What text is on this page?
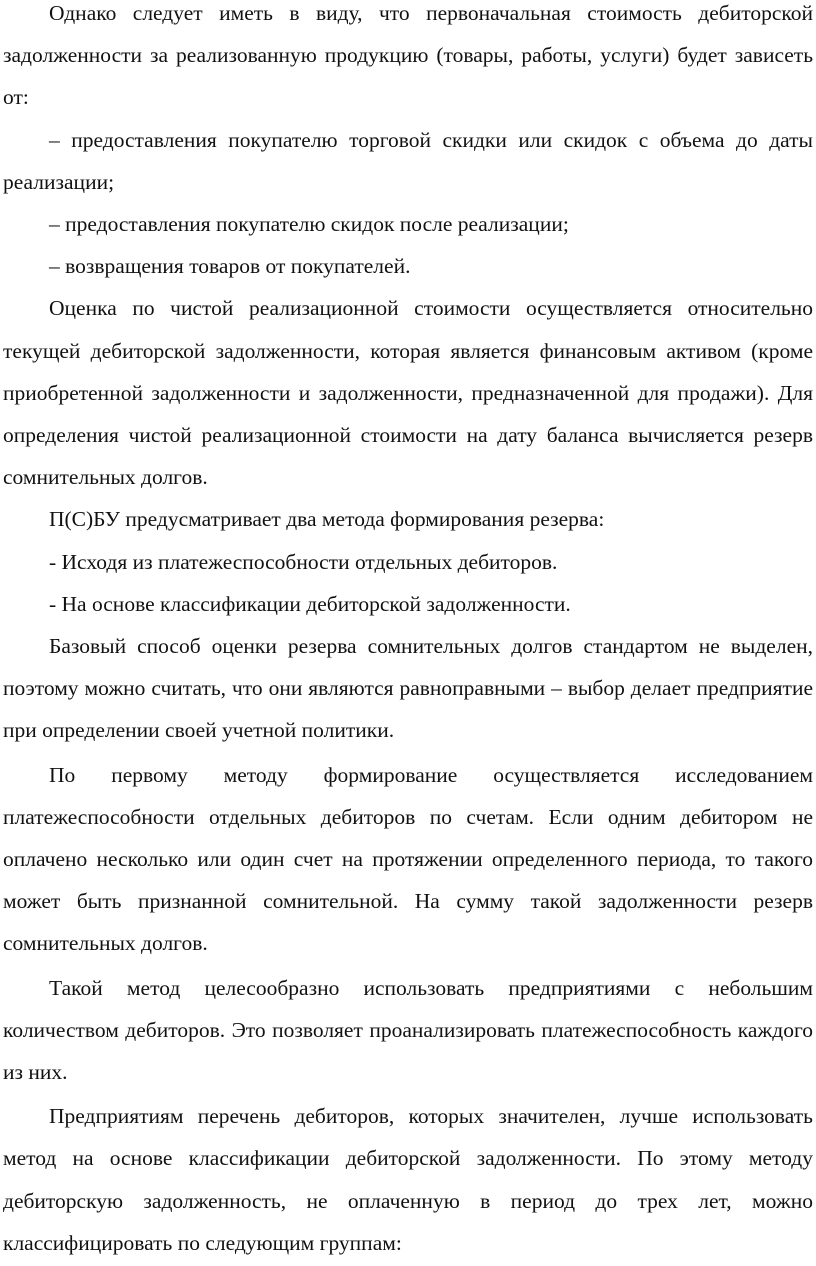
Однако следует иметь в виду, что первоначальная стоимость дебиторской задолженности за реализованную продукцию (товары, работы, услуги) будет зависеть от:

– предоставления покупателю торговой скидки или скидок с объема до даты реализации;

– предоставления покупателю скидок после реализации;

– возвращения товаров от покупателей.

Оценка по чистой реализационной стоимости осуществляется относительно текущей дебиторской задолженности, которая является финансовым активом (кроме приобретенной задолженности и задолженности, предназначенной для продажи). Для определения чистой реализационной стоимости на дату баланса вычисляется резерв сомнительных долгов.

П(С)БУ предусматривает два метода формирования резерва:

- Исходя из платежеспособности отдельных дебиторов.

- На основе классификации дебиторской задолженности.

Базовый способ оценки резерва сомнительных долгов стандартом не выделен, поэтому можно считать, что они являются равноправными – выбор делает предприятие при определении своей учетной политики.

По первому методу формирование осуществляется исследованием платежеспособности отдельных дебиторов по счетам. Если одним дебитором не оплачено несколько или один счет на протяжении определенного периода, то такого может быть признанной сомнительной. На сумму такой задолженности резерв сомнительных долгов.

Такой метод целесообразно использовать предприятиями с небольшим количеством дебиторов. Это позволяет проанализировать платежеспособность каждого из них.

Предприятиям перечень дебиторов, которых значителен, лучше использовать метод на основе классификации дебиторской задолженности. По этому методу дебиторскую задолженность, не оплаченную в период до трех лет, можно классифицировать по следующим группам:
